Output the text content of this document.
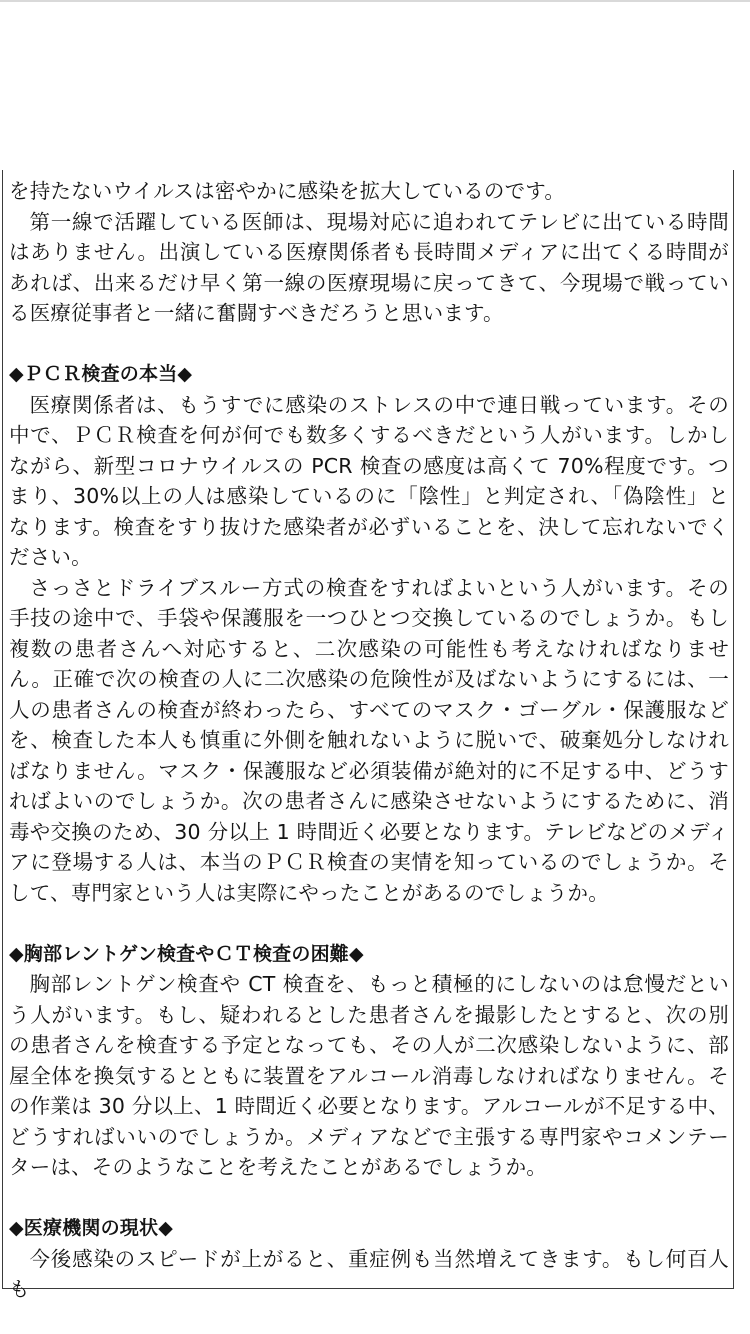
を持たないウイルスは密やかに感染を拡大しているのです。

第一線で活躍している医師は、現場対応に追われてテレビに出ている時間はありません。出演している医療関係者も長時間メディアに出てくる時間があれば、出来るだけ早く第一線の医療現場に戻ってきて、今現場で戦っている医療従事者と一緒に奮闘すべきだろうと思います。

◆ＰＣＲ検査の本当◆

医療関係者は、もうすでに感染のストレスの中で連日戦っています。その中で、ＰＣＲ検査を何が何でも数多くするべきだという人がいます。しかしながら、新型コロナウイルスの PCR 検査の感度は高くて 70%程度です。つまり、30%以上の人は感染しているのに「陰性」と判定され、「偽陰性」となります。検査をすり抜けた感染者が必ずいることを、決して忘れないでください。

さっさとドライブスルー方式の検査をすればよいという人がいます。その手技の途中で、手袋や保護服を一つひとつ交換しているのでしょうか。もし複数の患者さんへ対応すると、二次感染の可能性も考えなければなりません。正確で次の検査の人に二次感染の危険性が及ばないようにするには、一人の患者さんの検査が終わったら、すべてのマスク・ゴーグル・保護服などを、検査した本人も慎重に外側を触れないように脱いで、破棄処分しなければなりません。マスク・保護服など必須装備が絶対的に不足する中、どうすればよいのでしょうか。次の患者さんに感染させないようにするために、消毒や交換のため、30 分以上 1 時間近く必要となります。テレビなどのメディアに登場する人は、本当のＰＣＲ検査の実情を知っているのでしょうか。そして、専門家という人は実際にやったことがあるのでしょうか。

◆胸部レントゲン検査やＣＴ検査の困難◆

胸部レントゲン検査や CT 検査を、もっと積極的にしないのは怠慢だという人がいます。もし、疑われるとした患者さんを撮影したとすると、次の別の患者さんを検査する予定となっても、その人が二次感染しないように、部屋全体を換気するとともに装置をアルコール消毒しなければなりません。その作業は 30 分以上、1 時間近く必要となります。アルコールが不足する中、どうすればいいのでしょうか。メディアなどで主張する専門家やコメンテーターは、そのようなことを考えたことがあるでしょうか。

◆医療機関の現状◆

今後感染のスピードが上がると、重症例も当然増えてきます。もし何百人も
